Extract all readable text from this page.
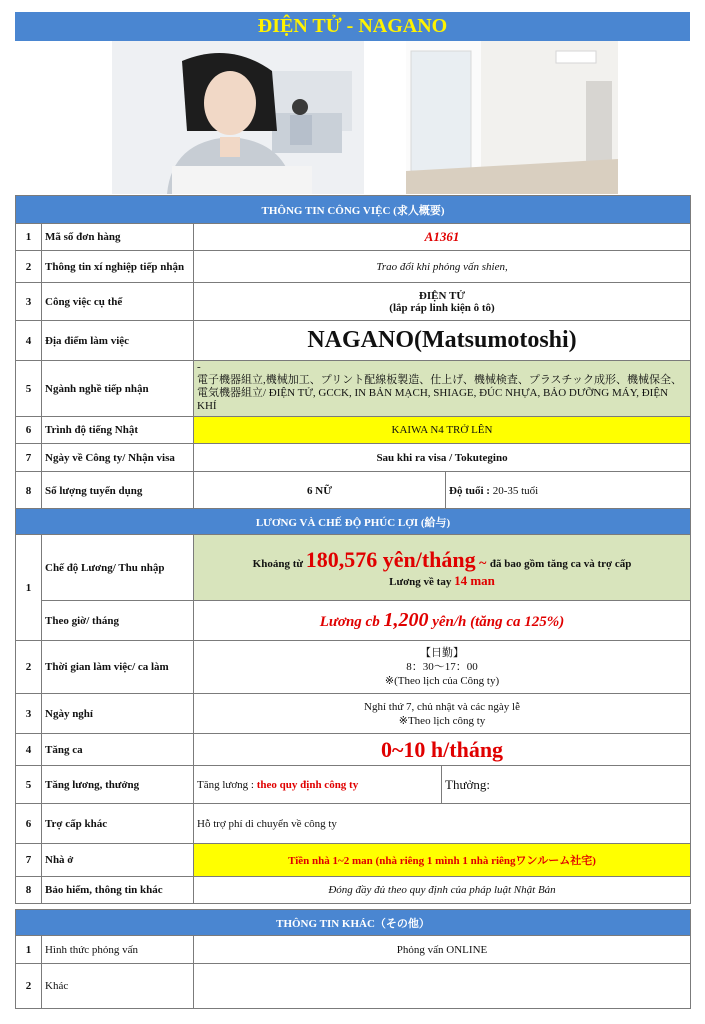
ĐIỆN TỬ - NAGANO
THÔNG TIN CÔNG VIỆC (求人概要)			
1	Mã số đơn hàng	A1361	
2	Thông tin xí nghiệp tiếp nhận	Trao đổi khi phỏng vấn shien,	
3	Công việc cụ thể	ĐIỆN TỬ
(lắp ráp linh kiện ô tô)	

4	Địa điểm làm việc	NAGANO(Matsumotoshi)	
5	Ngành nghề tiếp nhận	-
電子機器組立,機械加工、プリント配線板製造、仕上げ、機械検査、プラスチック成形、機械保全、電気機器組立/ ĐIỆN TỬ, GCCK, IN BẢN MẠCH, SHIAGE, ĐÚC NHỰA, BẢO DƯỠNG MÁY, ĐIỆN KHÍ	

6	Trình độ tiếng Nhật	KAIWA N4 TRỞ LÊN	
7	Ngày về Công ty/ Nhận visa	Sau khi ra visa / Tokutegino	
8	Số lượng tuyển dụng	6 NỮ	Độ tuổi : 20-35 tuổi
LƯƠNG VÀ CHẾ ĐỘ PHÚC LỢI (給与)			
1	Chế độ Lương/ Thu nhập	Khoảng từ 180,576 yên/tháng ~ đã bao gồm tăng ca và trợ cấp
Lương về tay 14 man	

	Theo giờ/ tháng	Lương cb 1,200 yên/h (tăng ca 125%)	
2	Thời gian làm việc/ ca làm	【日勤】
8：30～17：00
※(Theo lịch của Công ty)	

3	Ngày nghỉ	Nghỉ thứ 7, chủ nhật và các ngày lễ
※Theo lịch công ty	

4	Tăng ca	0~10 h/tháng	
5	Tăng lương, thưởng	Tăng lương : theo quy định công ty	Thưởng:
6	Trợ cấp khác	Hỗ trợ phí di chuyển về công ty	
7	Nhà ở	Tiền nhà 1~2 man (nhà riêng 1 mình 1 nhà riêngワンルーム社宅)	
8	Bảo hiểm, thông tin khác	Đóng đầy đủ theo quy định của pháp luật Nhật Bản	
THÔNG TIN KHÁC（その他）		
1	Hình thức phỏng vấn	Phỏng vấn ONLINE
2	Khác	
